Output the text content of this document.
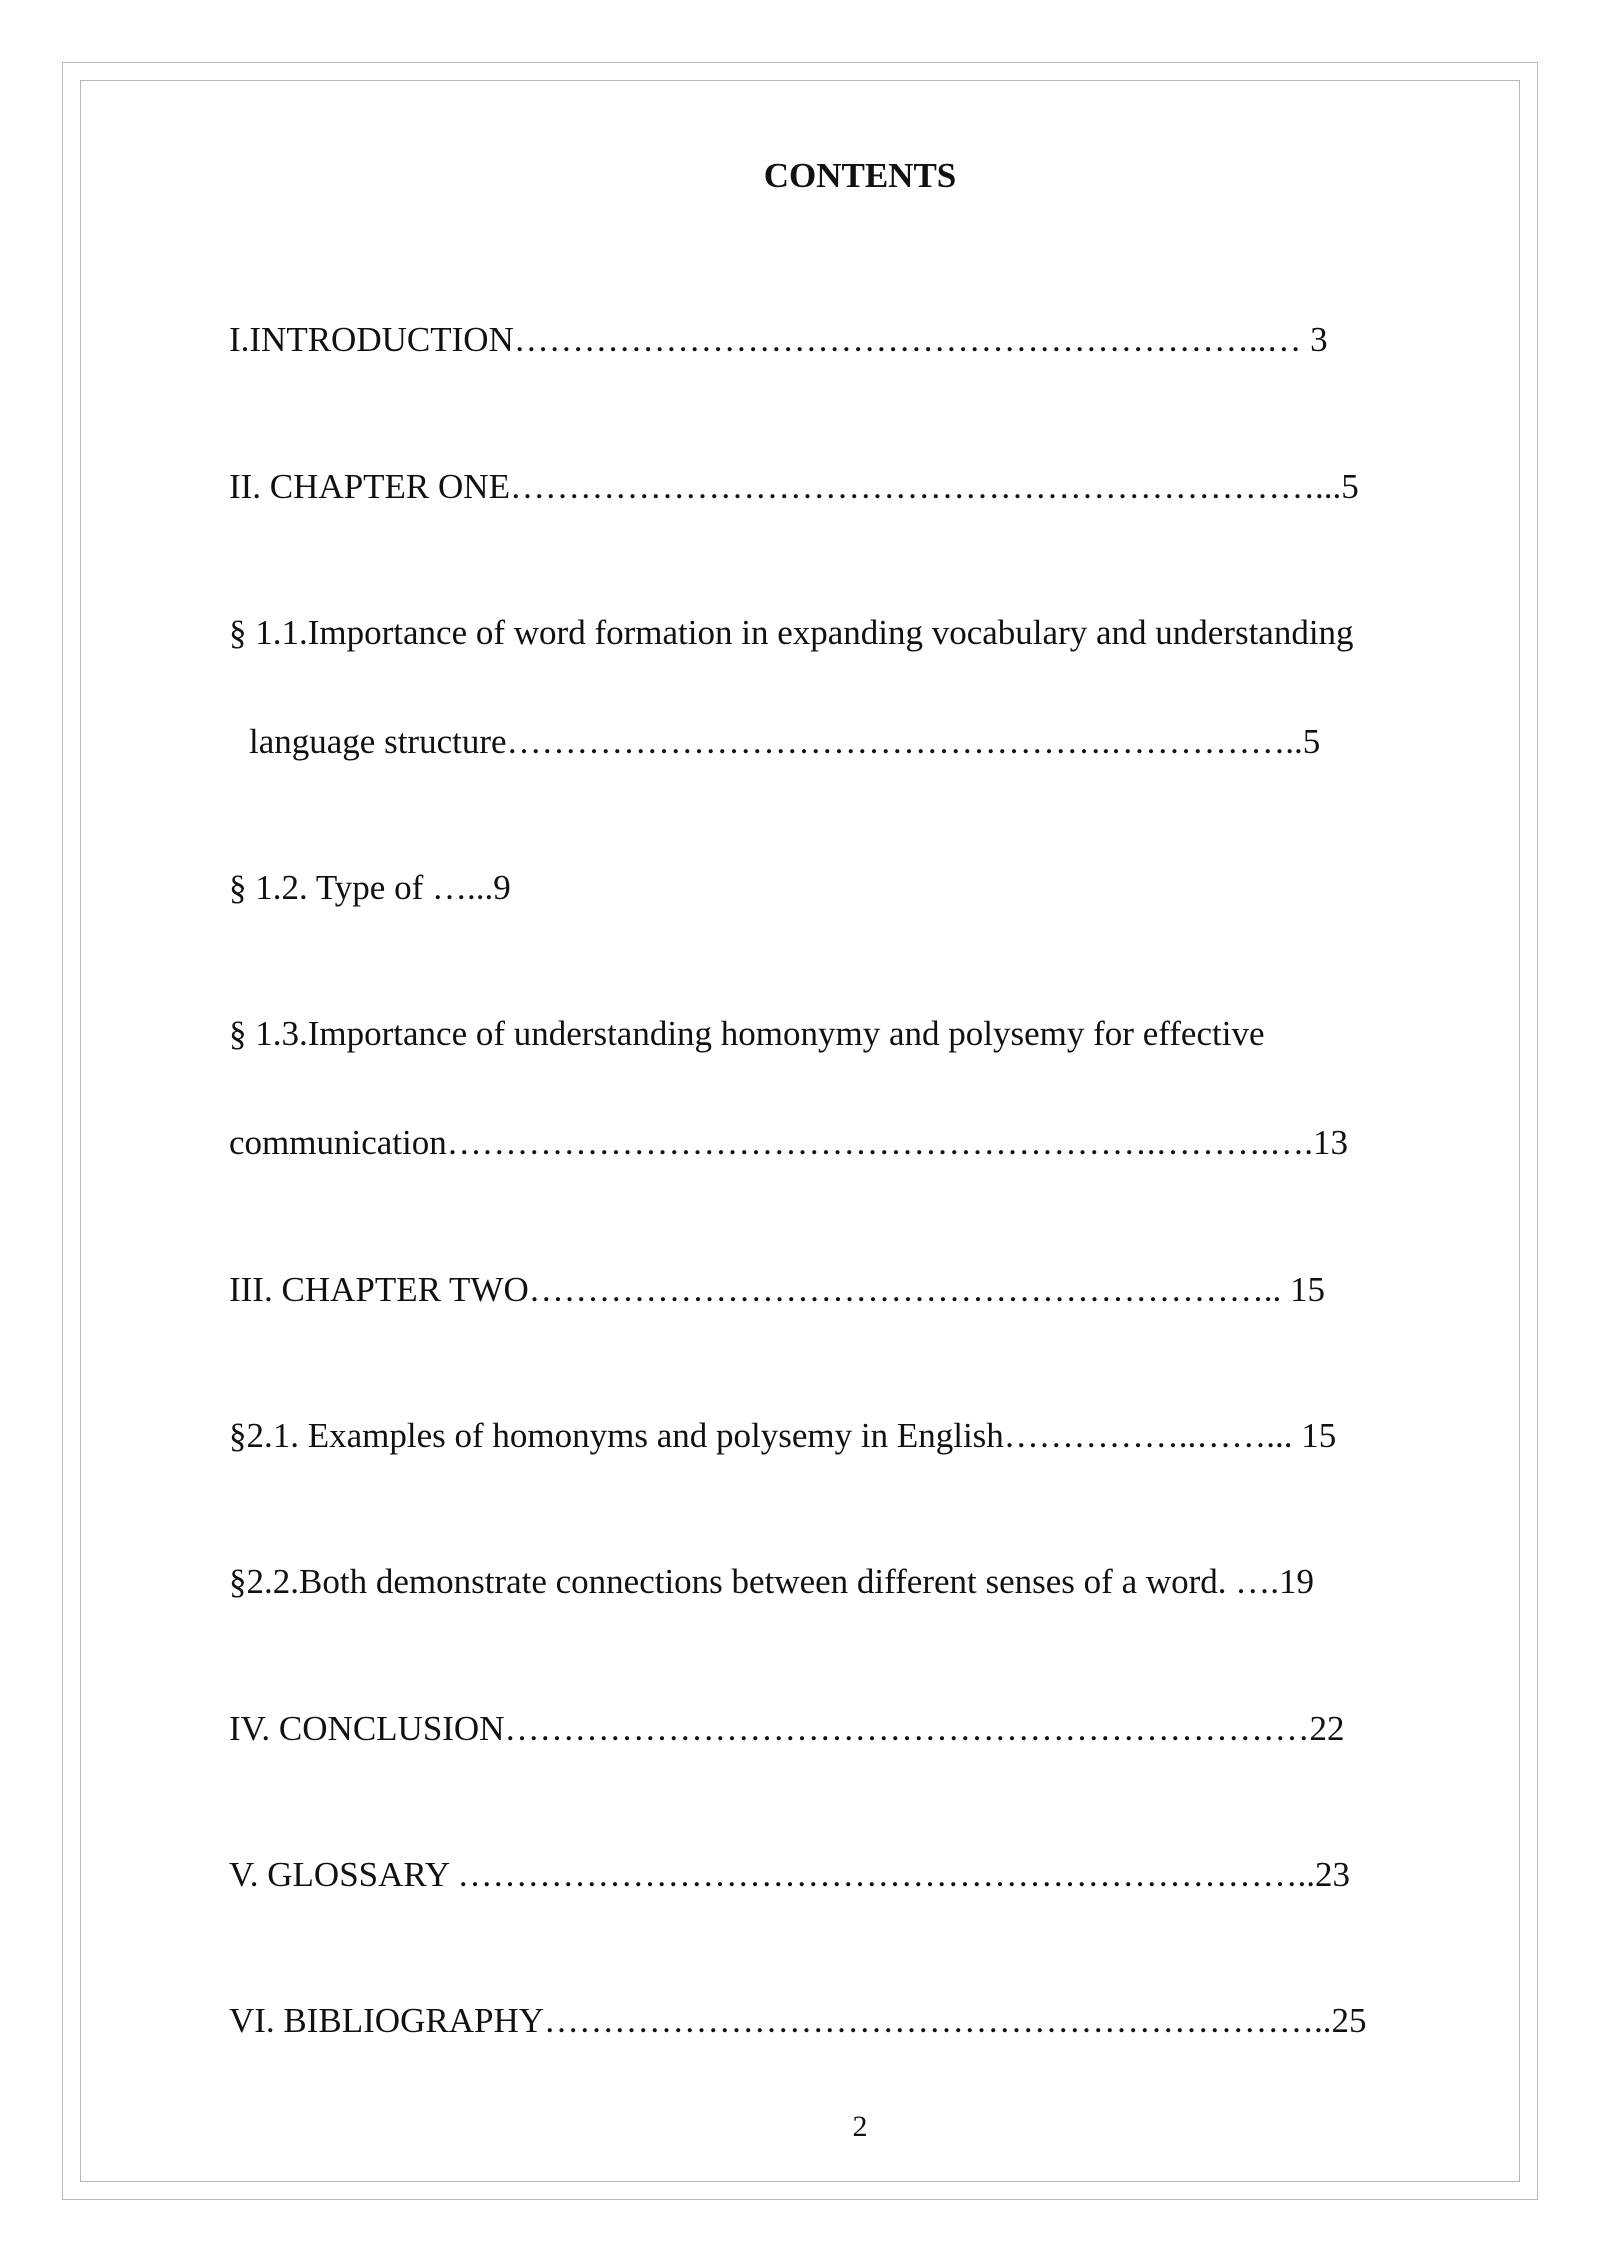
CONTENTS
I.INTRODUCTION………………………………………………………..… 3
II. CHAPTER ONE……………………………………………………………...5
§ 1.1.Importance of word formation in expanding vocabulary and understanding
language structure…………………………………………….……………..5
§ 1.2. Type of …...9
§ 1.3.Importance of understanding homonymy and polysemy for effective
communication…………………………………………………….……….….13
III. CHAPTER TWO……………………………………………………….. 15
§2.1. Examples of homonyms and polysemy in English……………..……... 15
§2.2.Both demonstrate connections between different senses of a word. ….19
IV. CONCLUSION……………………………………………………………22
V. GLOSSARY ………………………………………………………………..23
VI. BIBLIOGRAPHY…………………………………………………………..25
2
